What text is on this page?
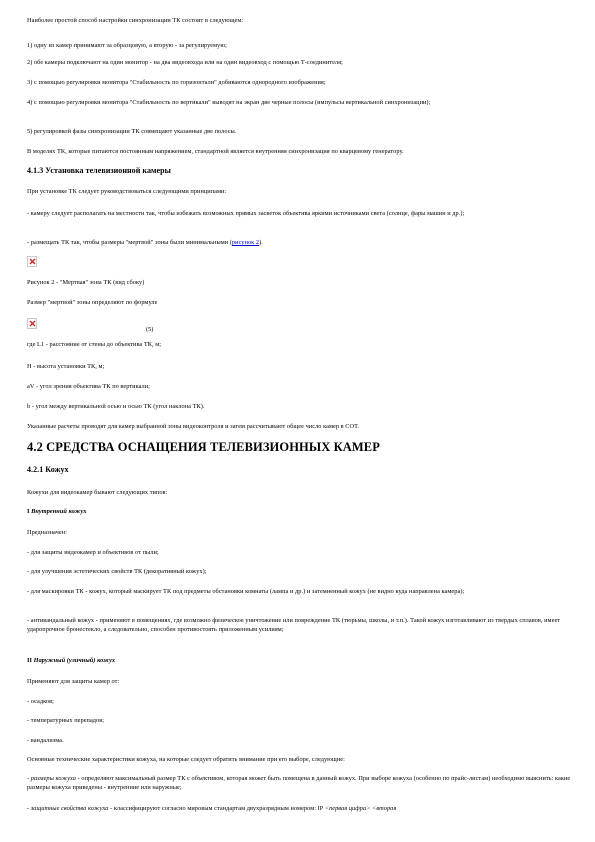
Наиболее простой способ настройки синхронизации ТК состоит в следующем:

1) одну из камер принимают за образцовую, а вторую - за регулируемую;

2) обе камеры подключают на один монитор - на два видеовхода или на один видеовход с помощью Т-соединителя;

3) с помощью регулировки монитора "Стабильность по горизонтали" добиваются однородного изображения;

4) с помощью регулировки монитора "Стабильность по вертикали" выводят на экран две черные полосы (импульсы вертикальной синхронизации);

5) регулировкой фазы синхронизации ТК совмещают указанные две полосы.

В моделях ТК, которые питаются постоянным напряжением, стандартной является внутренняя синхронизация по кварцевому генератору.

4.1.3 Установка телевизионной камеры

При установке ТК следует руководствоваться следующими принципами:

- камеру следует располагать на местности так, чтобы избежать возможных прямых засветок объектива яркими источниками света (солнце, фары машин и др.);

- размещать ТК так, чтобы размеры "мертвой" зоны были минимальными (рисунок 2).

Рисунок 2 - "Мертвая" зона ТК (вид сбоку)

Размер "мертвой" зоны определяют по формуле

(5)

где L1 - расстояние от стены до объектива ТК, м;

Н - высота установки ТК, м;

аV - угол зрения объектива ТК по вертикали;

b - угол между вертикальной осью и осью ТК (угол наклона ТК).

Указанные расчеты проводят для камер выбранной зоны видеоконтроля и затем рассчитывают общее число камер в СОТ.

4.2 СРЕДСТВА ОСНАЩЕНИЯ ТЕЛЕВИЗИОННЫХ КАМЕР

4.2.1 Кожух

Кожухи для видеокамер бывают следующих типов:

I Внутренний кожух

Предназначен:

- для защиты видеокамер и объективов от пыли;

- для улучшения эстетических свойств ТК (декоративный кожух);

- для маскировки ТК - кожух, который маскирует ТК под предметы обстановки комнаты (лампа и др.) и затемненный кожух (не видно куда направлена камера);

- антивандальный кожух - применяют в помещениях, где возможно физическое уничтожение или повреждение ТК (тюрьмы, школы, и т.п.). Такой кожух изготавливают из твердых сплавов, имеет ударопрочное бронестекло, а следовательно, способен противостоять приложенным усилиям;

II Наружный (уличный) кожух

Применяют для защиты камер от:

- осадков;

- температурных перепадов;

- вандализма.

Основные технические характеристики кожуха, на которые следует обратить внимание при его выборе, следующие:

- размеры кожуха - определяют максимальный размер ТК с объективом, которая может быть помещена в данный кожух. При выборе кожуха (особенно по прайс-листам) необходимо выяснить: какие размеры кожуха приведены - внутренние или наружные;

- защитные свойства кожуха - классифицируют согласно мировым стандартам двухразрядным номером: IP <первая цифра> <вторая
